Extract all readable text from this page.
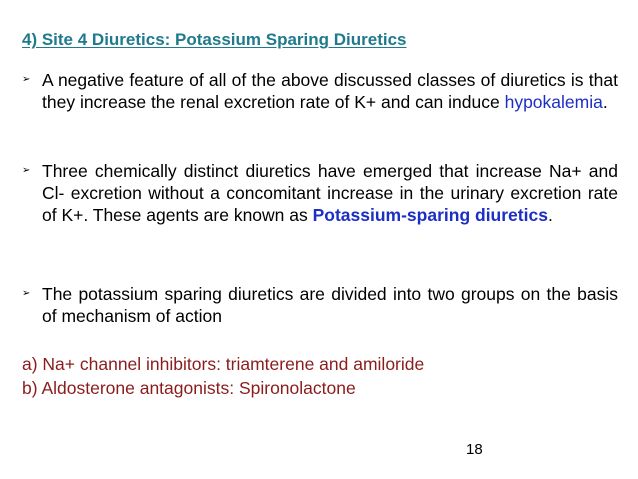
4) Site 4 Diuretics: Potassium Sparing Diuretics
➢ A negative feature of all of the above discussed classes of diuretics is that they increase the renal excretion rate of K+ and can induce hypokalemia.
➢ Three chemically distinct diuretics have emerged that increase Na+ and Cl- excretion without a concomitant increase in the urinary excretion rate of K+. These agents are known as Potassium-sparing diuretics.
➢ The potassium sparing diuretics are divided into two groups on the basis of mechanism of action
a) Na+ channel inhibitors: triamterene and amiloride
b) Aldosterone antagonists: Spironolactone
18
